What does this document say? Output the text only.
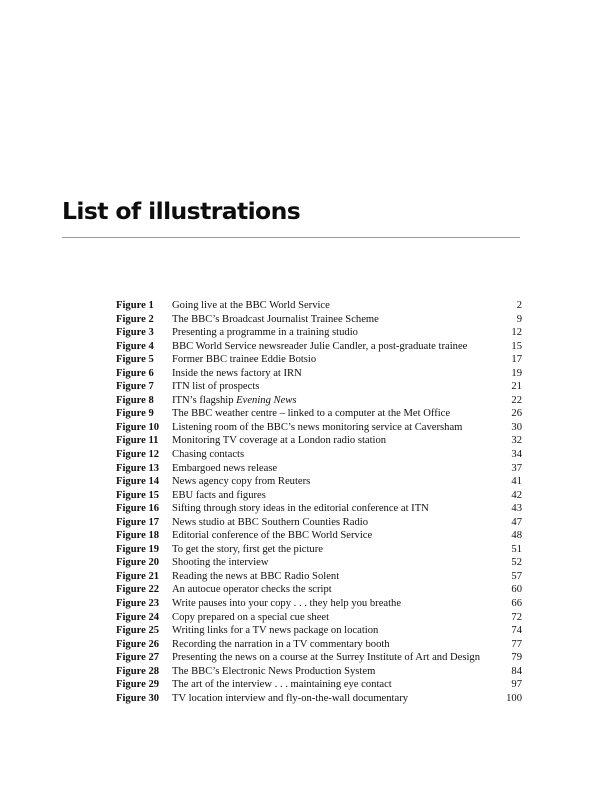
List of illustrations
Figure 1	Going live at the BBC World Service	2
Figure 2	The BBC’s Broadcast Journalist Trainee Scheme	9
Figure 3	Presenting a programme in a training studio	12
Figure 4	BBC World Service newsreader Julie Candler, a post-graduate trainee	15
Figure 5	Former BBC trainee Eddie Botsio	17
Figure 6	Inside the news factory at IRN	19
Figure 7	ITN list of prospects	21
Figure 8	ITN’s flagship Evening News	22
Figure 9	The BBC weather centre – linked to a computer at the Met Office	26
Figure 10	Listening room of the BBC’s news monitoring service at Caversham	30
Figure 11	Monitoring TV coverage at a London radio station	32
Figure 12	Chasing contacts	34
Figure 13	Embargoed news release	37
Figure 14	News agency copy from Reuters	41
Figure 15	EBU facts and figures	42
Figure 16	Sifting through story ideas in the editorial conference at ITN	43
Figure 17	News studio at BBC Southern Counties Radio	47
Figure 18	Editorial conference of the BBC World Service	48
Figure 19	To get the story, first get the picture	51
Figure 20	Shooting the interview	52
Figure 21	Reading the news at BBC Radio Solent	57
Figure 22	An autocue operator checks the script	60
Figure 23	Write pauses into your copy . . . they help you breathe	66
Figure 24	Copy prepared on a special cue sheet	72
Figure 25	Writing links for a TV news package on location	74
Figure 26	Recording the narration in a TV commentary booth	77
Figure 27	Presenting the news on a course at the Surrey Institute of Art and Design	79
Figure 28	The BBC’s Electronic News Production System	84
Figure 29	The art of the interview . . . maintaining eye contact	97
Figure 30	TV location interview and fly-on-the-wall documentary	100
